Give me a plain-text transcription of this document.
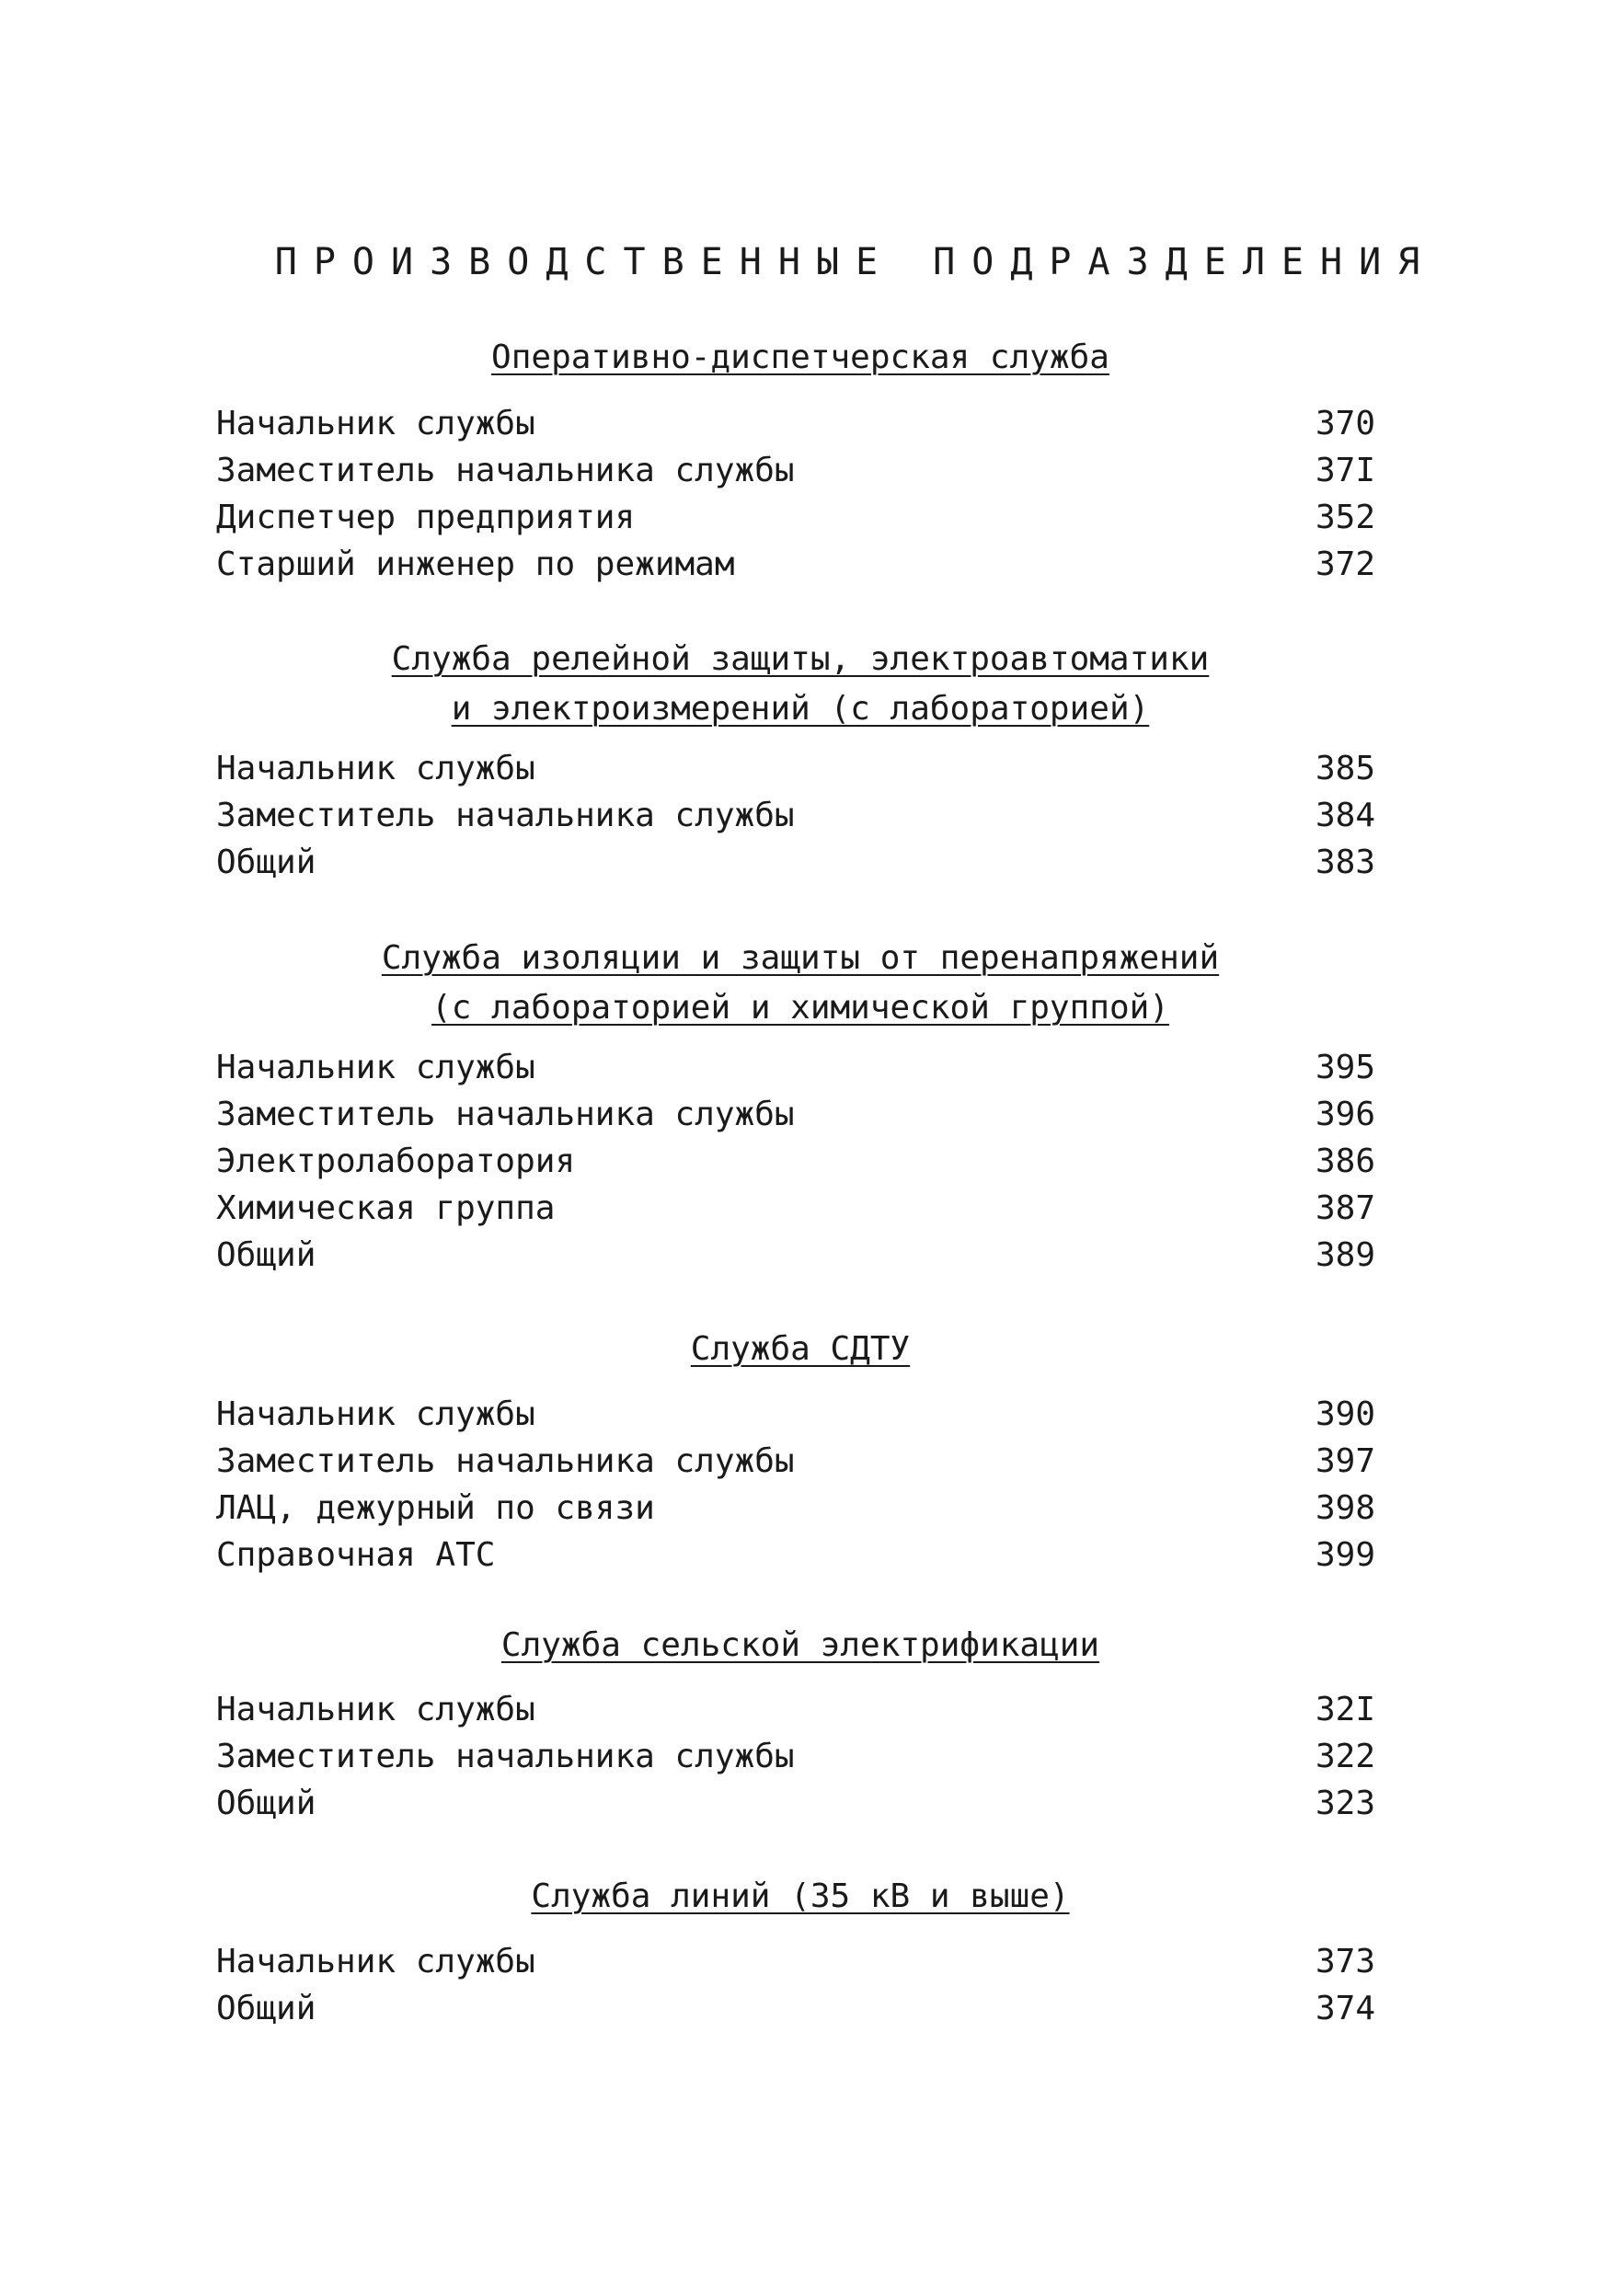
ПРОИЗВОДСТВЕННЫЕ ПОДРАЗДЕЛЕНИЯ
Оперативно-диспетчерская служба
Начальник службы	370
Заместитель начальника службы	37I
Диспетчер предприятия	352
Старший инженер по режимам	372
Служба релейной защиты, электроавтоматики
и электроизмерений (с лабораторией)
Начальник службы	385
Заместитель начальника службы	384
Общий	383
Служба изоляции и защиты от перенапряжений
(с лабораторией и химической группой)
Начальник службы	395
Заместитель начальника службы	396
Электролаборатория	386
Химическая группа	387
Общий	389
Служба СДТУ
Начальник службы	390
Заместитель начальника службы	397
ЛАЦ, дежурный по связи	398
Справочная АТС	399
Служба сельской электрификации
Начальник службы	32I
Заместитель начальника службы	322
Общий	323
Служба линий (35 кВ и выше)
Начальник службы	373
Общий	374
